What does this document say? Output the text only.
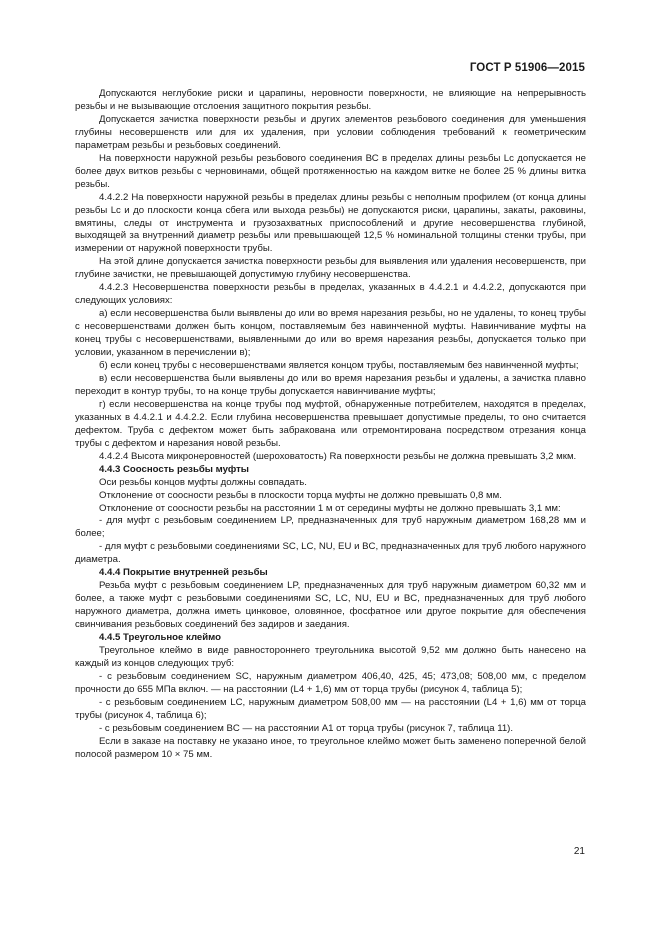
ГОСТ Р 51906—2015

Допускаются неглубокие риски и царапины, неровности поверхности, не влияющие на непрерывность резьбы и не вызывающие отслоения защитного покрытия резьбы.

Допускается зачистка поверхности резьбы и других элементов резьбового соединения для уменьшения глубины несовершенств или для их удаления, при условии соблюдения требований к геометрическим параметрам резьбы и резьбовых соединений.

На поверхности наружной резьбы резьбового соединения ВС в пределах длины резьбы Lc допускается не более двух витков резьбы с черновинами, общей протяженностью на каждом витке не более 25 % длины витка резьбы.

4.4.2.2 На поверхности наружной резьбы в пределах длины резьбы с неполным профилем (от конца длины резьбы Lc и до плоскости конца сбега или выхода резьбы) не допускаются риски, царапины, закаты, раковины, вмятины, следы от инструмента и грузозахватных приспособлений и другие несовершенства глубиной, выходящей за внутренний диаметр резьбы или превышающей 12,5 % номинальной толщины стенки трубы, при измерении от наружной поверхности трубы.

На этой длине допускается зачистка поверхности резьбы для выявления или удаления несовершенств, при глубине зачистки, не превышающей допустимую глубину несовершенства.

4.4.2.3 Несовершенства поверхности резьбы в пределах, указанных в 4.4.2.1 и 4.4.2.2, допускаются при следующих условиях:

а) если несовершенства были выявлены до или во время нарезания резьбы, но не удалены, то конец трубы с несовершенствами должен быть концом, поставляемым без навинченной муфты. Навинчивание муфты на конец трубы с несовершенствами, выявленными до или во время нарезания резьбы, допускается только при условии, указанном в перечислении в);

б) если конец трубы с несовершенствами является концом трубы, поставляемым без навинченной муфты;

в) если несовершенства были выявлены до или во время нарезания резьбы и удалены, а зачистка плавно переходит в контур трубы, то на конце трубы допускается навинчивание муфты;

г) если несовершенства на конце трубы под муфтой, обнаруженные потребителем, находятся в пределах, указанных в 4.4.2.1 и 4.4.2.2. Если глубина несовершенства превышает допустимые пределы, то оно считается дефектом. Труба с дефектом может быть забракована или отремонтирована посредством отрезания конца трубы с дефектом и нарезания новой резьбы.

4.4.2.4 Высота микронеровностей (шероховатость) Ra поверхности резьбы не должна превышать 3,2 мкм.

4.4.3 Соосность резьбы муфты

Оси резьбы концов муфты должны совпадать.

Отклонение от соосности резьбы в плоскости торца муфты не должно превышать 0,8 мм.

Отклонение от соосности резьбы на расстоянии 1 м от середины муфты не должно превышать 3,1 мм:

- для муфт с резьбовым соединением LP, предназначенных для труб наружным диаметром 168,28 мм и более;

- для муфт с резьбовыми соединениями SC, LC, NU, EU и BC, предназначенных для труб любого наружного диаметра.

4.4.4 Покрытие внутренней резьбы

Резьба муфт с резьбовым соединением LP, предназначенных для труб наружным диаметром 60,32 мм и более, а также муфт с резьбовыми соединениями SC, LC, NU, EU и BC, предназначенных для труб любого наружного диаметра, должна иметь цинковое, оловянное, фосфатное или другое покрытие для обеспечения свинчивания резьбовых соединений без задиров и заедания.

4.4.5 Треугольное клеймо

Треугольное клеймо в виде равностороннего треугольника высотой 9,52 мм должно быть нанесено на каждый из концов следующих труб:

- с резьбовым соединением SC, наружным диаметром 406,40, 425, 45; 473,08; 508,00 мм, с пределом прочности до 655 МПа включ. — на расстоянии (L4 + 1,6) мм от торца трубы (рисунок 4, таблица 5);

- с резьбовым соединением LC, наружным диаметром 508,00 мм — на расстоянии (L4 + 1,6) мм от торца трубы (рисунок 4, таблица 6);

- с резьбовым соединением BC — на расстоянии A1 от торца трубы (рисунок 7, таблица 11).

Если в заказе на поставку не указано иное, то треугольное клеймо может быть заменено поперечной белой полосой размером 10 × 75 мм.

21
